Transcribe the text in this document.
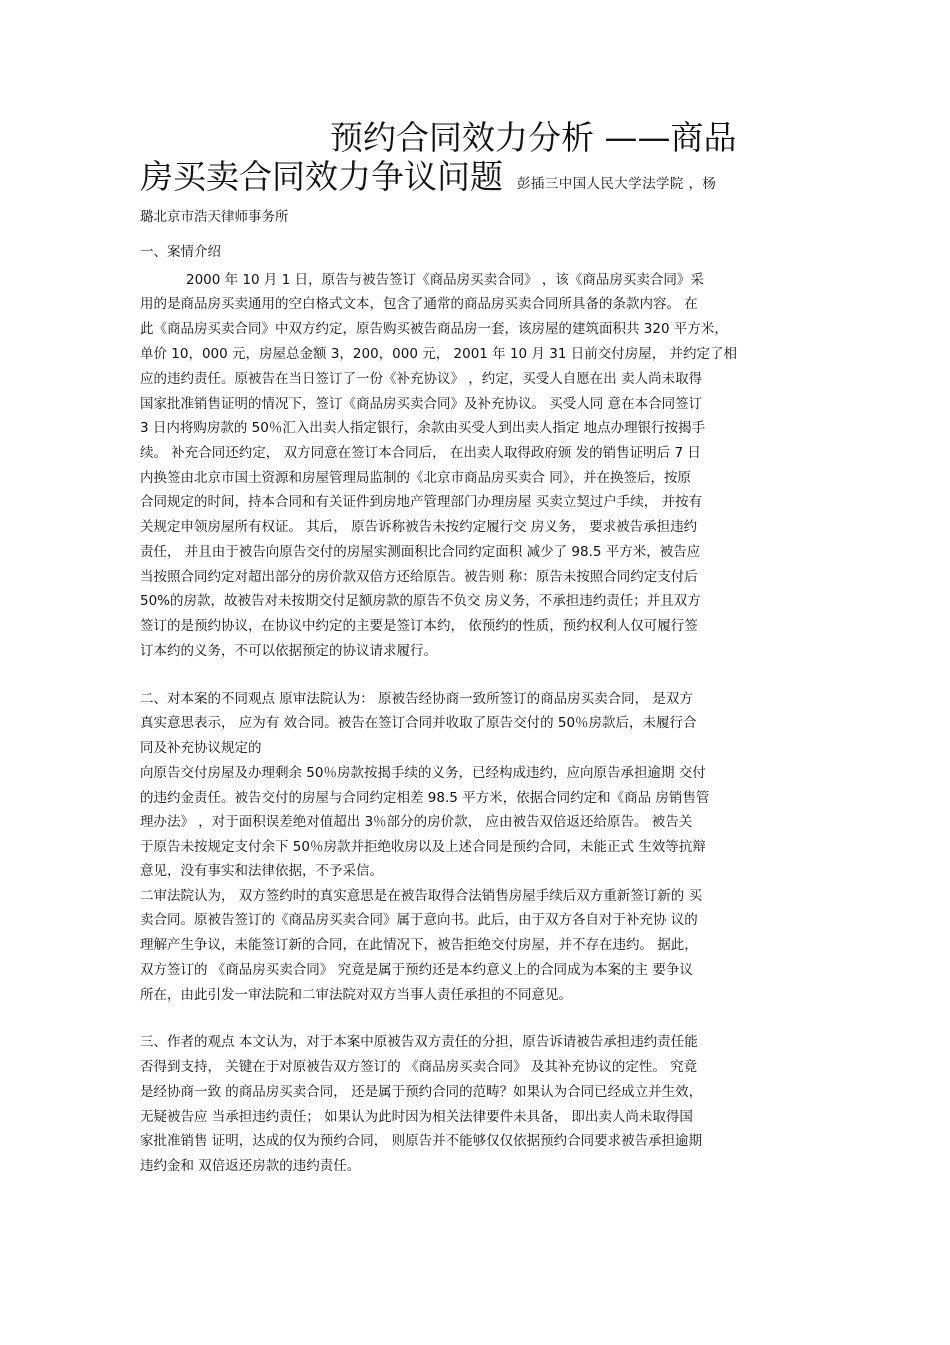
预约合同效力分析 ——商品
房买卖合同效力争议问题 彭插三中国人民大学法学院 ，杨
璐北京市浩天律师事务所
一、案情介绍
2000 年 10 月 1 日，原告与被告签订《商品房买卖合同》 ，该《商品房买卖合同》采
用的是商品房买卖通用的空白格式文本，包含了通常的商品房买卖合同所具备的条款内容。 在
此《商品房买卖合同》中双方约定，原告购买被告商品房一套，该房屋的建筑面积共 320 平方米，
单价 10，000 元，房屋总金额 3，200，000 元， 2001 年 10 月 31 日前交付房屋， 并约定了相
应的违约责任。原被告在当日签订了一份《补充协议》 ，约定，买受人自愿在出 卖人尚未取得
国家批准销售证明的情况下，签订《商品房买卖合同》及补充协议。 买受人同 意在本合同签订
3 日内将购房款的 50％汇入出卖人指定银行，余款由买受人到出卖人指定 地点办理银行按揭手
续。 补充合同还约定， 双方同意在签订本合同后， 在出卖人取得政府颁 发的销售证明后 7 日
内换签由北京市国土资源和房屋管理局监制的《北京市商品房买卖合 同》，并在换签后，按原
合同规定的时间，持本合同和有关证件到房地产管理部门办理房屋 买卖立契过户手续， 并按有
关规定申领房屋所有权证。 其后， 原告诉称被告未按约定履行交 房义务， 要求被告承担违约
责任， 并且由于被告向原告交付的房屋实测面积比合同约定面积 减少了 98.5 平方米，被告应
当按照合同约定对超出部分的房价款双倍方还给原告。被告则 称：原告未按照合同约定支付后
50%的房款，故被告对未按期交付足额房款的原告不负交 房义务，不承担违约责任；并且双方
签订的是预约协议，在协议中约定的主要是签订本约， 依预约的性质，预约权利人仅可履行签
订本约的义务，不可以依据预定的协议请求履行。
二、对本案的不同观点 原审法院认为： 原被告经协商一致所签订的商品房买卖合同， 是双方
真实意思表示， 应为有 效合同。被告在签订合同并收取了原告交付的 50％房款后，未履行合
同及补充协议规定的
向原告交付房屋及办理剩余 50％房款按揭手续的义务，已经构成违约，应向原告承担逾期 交付
的违约金责任。被告交付的房屋与合同约定相差 98.5 平方米，依据合同约定和《商品 房销售管
理办法》 ，对于面积误差绝对值超出 3％部分的房价款， 应由被告双倍返还给原告。 被告关
于原告未按规定支付余下 50％房款并拒绝收房以及上述合同是预约合同，未能正式 生效等抗辩
意见，没有事实和法律依据，不予采信。
二审法院认为， 双方签约时的真实意思是在被告取得合法销售房屋手续后双方重新签订新的 买
卖合同。原被告签订的《商品房买卖合同》属于意向书。此后，由于双方各自对于补充协 议的
理解产生争议，未能签订新的合同，在此情况下，被告拒绝交付房屋，并不存在违约。 据此，
双方签订的 《商品房买卖合同》 究竟是属于预约还是本约意义上的合同成为本案的主 要争议
所在，由此引发一审法院和二审法院对双方当事人责任承担的不同意见。
三、作者的观点 本文认为，对于本案中原被告双方责任的分担，原告诉请被告承担违约责任能
否得到支持， 关键在于对原被告双方签订的 《商品房买卖合同》 及其补充协议的定性。 究竟
是经协商一致 的商品房买卖合同， 还是属于预约合同的范畴？如果认为合同已经成立并生效，
无疑被告应 当承担违约责任； 如果认为此时因为相关法律要件未具备， 即出卖人尚未取得国
家批准销售 证明，达成的仅为预约合同， 则原告并不能够仅仅依据预约合同要求被告承担逾期
违约金和 双倍返还房款的违约责任。
